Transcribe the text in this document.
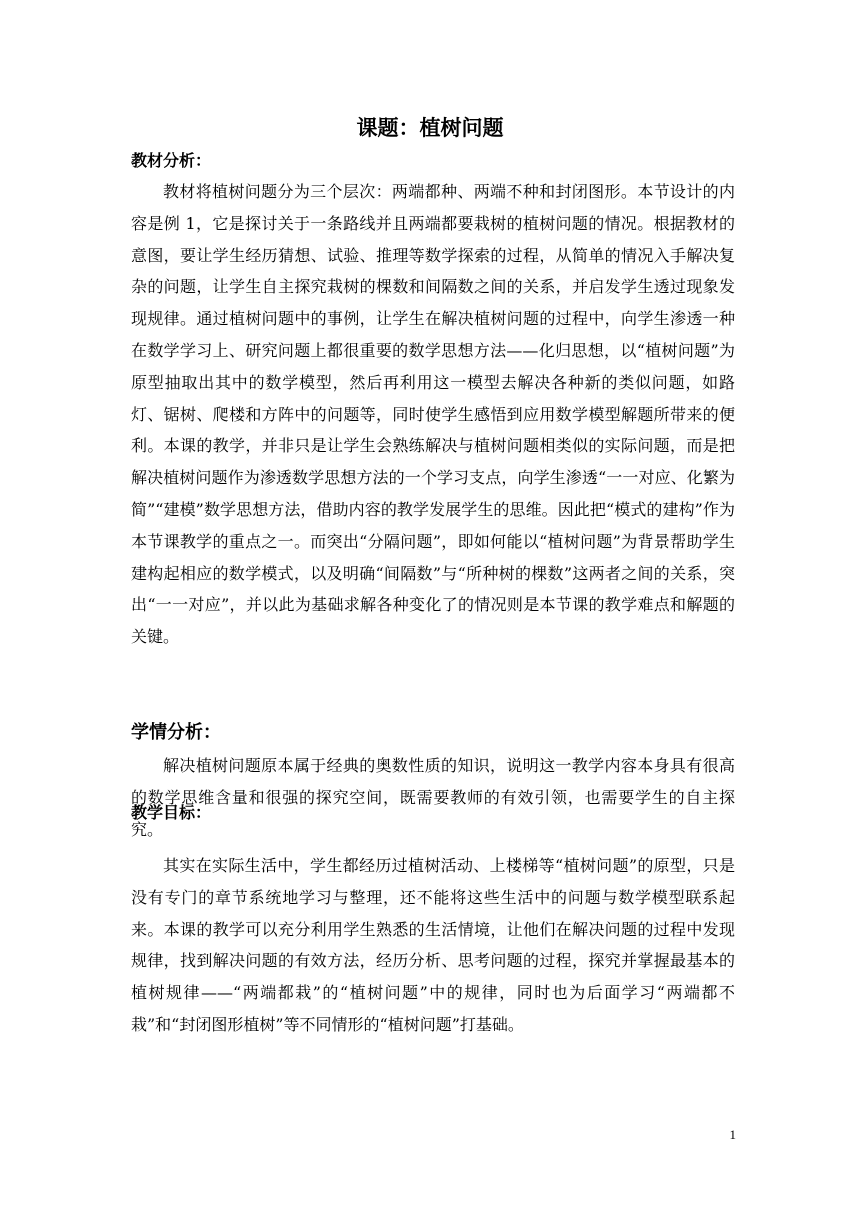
课题：植树问题
教材分析：

教材将植树问题分为三个层次：两端都种、两端不种和封闭图形。本节设计的内容是例 1，它是探讨关于一条路线并且两端都要栽树的植树问题的情况。根据教材的意图，要让学生经历猜想、试验、推理等数学探索的过程，从简单的情况入手解决复杂的问题，让学生自主探究栽树的棵数和间隔数之间的关系，并启发学生透过现象发现规律。通过植树问题中的事例，让学生在解决植树问题的过程中，向学生渗透一种在数学学习上、研究问题上都很重要的数学思想方法——化归思想，以“植树问题”为原型抽取出其中的数学模型，然后再利用这一模型去解决各种新的类似问题，如路灯、锯树、爬楼和方阵中的问题等，同时使学生感悟到应用数学模型解题所带来的便利。本课的教学，并非只是让学生会熟练解决与植树问题相类似的实际问题，而是把解决植树问题作为渗透数学思想方法的一个学习支点，向学生渗透“一一对应、化繁为简”“建模”数学思想方法，借助内容的教学发展学生的思维。因此把“模式的建构”作为本节课教学的重点之一。而突出“分隔问题”，即如何能以“植树问题”为背景帮助学生建构起相应的数学模式，以及明确“间隔数”与“所种树的棵数”这两者之间的关系，突出“一一对应”，并以此为基础求解各种变化了的情况则是本节课的教学难点和解题的关键。

学情分析：

解决植树问题原本属于经典的奥数性质的知识，说明这一教学内容本身具有很高的数学思维含量和很强的探究空间，既需要教师的有效引领，也需要学生的自主探究。

其实在实际生活中，学生都经历过植树活动、上楼梯等“植树问题”的原型，只是没有专门的章节系统地学习与整理，还不能将这些生活中的问题与数学模型联系起来。本课的教学可以充分利用学生熟悉的生活情境，让他们在解决问题的过程中发现规律，找到解决问题的有效方法，经历分析、思考问题的过程，探究并掌握最基本的植树规律——“两端都栽”的“植树问题”中的规律，同时也为后面学习“两端都不栽”和“封闭图形植树”等不同情形的“植树问题”打基础。

教学目标：
1
